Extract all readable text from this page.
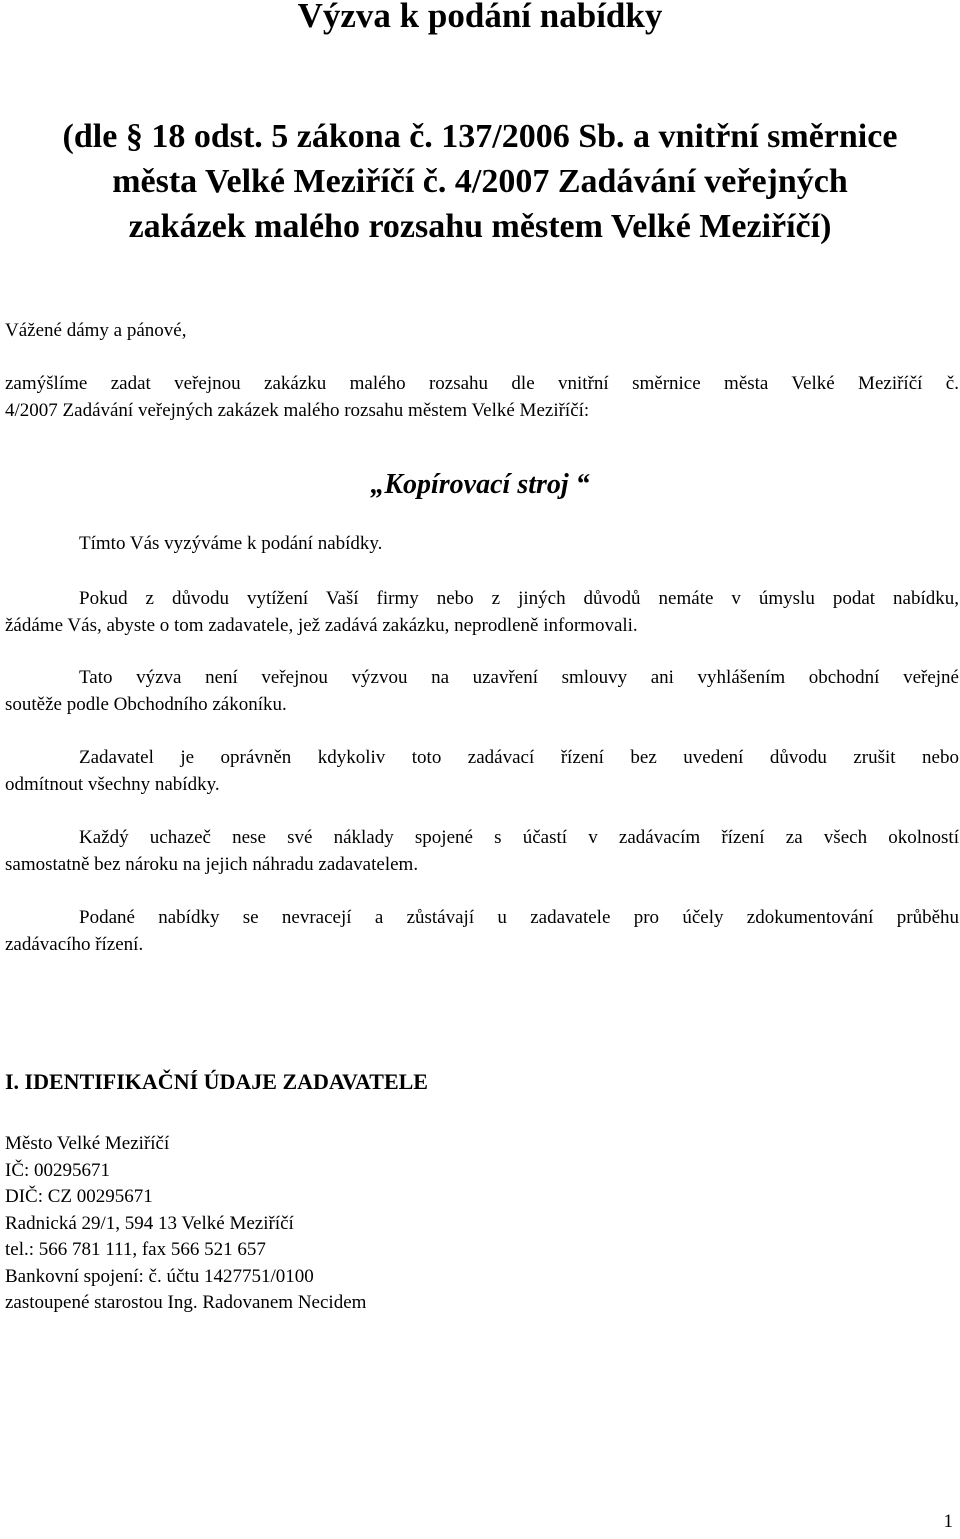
Výzva k podání nabídky
(dle § 18 odst. 5 zákona č. 137/2006 Sb. a vnitřní směrnice
města Velké Meziříčí č. 4/2007 Zadávání veřejných
zakázek malého rozsahu městem Velké Meziříčí)
Vážené dámy a pánové,
zamýšlíme zadat veřejnou zakázku malého rozsahu dle vnitřní směrnice města Velké Meziříčí č.
4/2007 Zadávání veřejných zakázek malého rozsahu městem Velké Meziříčí:
„Kopírovací stroj “
Tímto Vás vyzýváme k podání nabídky.
Pokud z důvodu vytížení Vaší firmy nebo z jiných důvodů nemáte v úmyslu podat nabídku,
žádáme Vás, abyste o tom zadavatele, jež zadává zakázku, neprodleně informovali.
Tato výzva není veřejnou výzvou na uzavření smlouvy ani vyhlášením obchodní veřejné
soutěže podle Obchodního zákoníku.
Zadavatel je oprávněn kdykoliv toto zadávací řízení bez uvedení důvodu zrušit nebo
odmítnout všechny nabídky.
Každý uchazeč nese své náklady spojené s účastí v zadávacím řízení za všech okolností
samostatně bez nároku na jejich náhradu zadavatelem.
Podané nabídky se nevracejí a zůstávají u zadavatele pro účely zdokumentování průběhu
zadávacího řízení.
I. IDENTIFIKAČNÍ ÚDAJE ZADAVATELE
Město Velké Meziříčí
IČ: 00295671
DIČ: CZ 00295671
Radnická 29/1, 594 13 Velké Meziříčí
tel.: 566 781 111, fax 566 521 657
Bankovní spojení: č. účtu 1427751/0100
zastoupené starostou Ing. Radovanem Necidem
1
